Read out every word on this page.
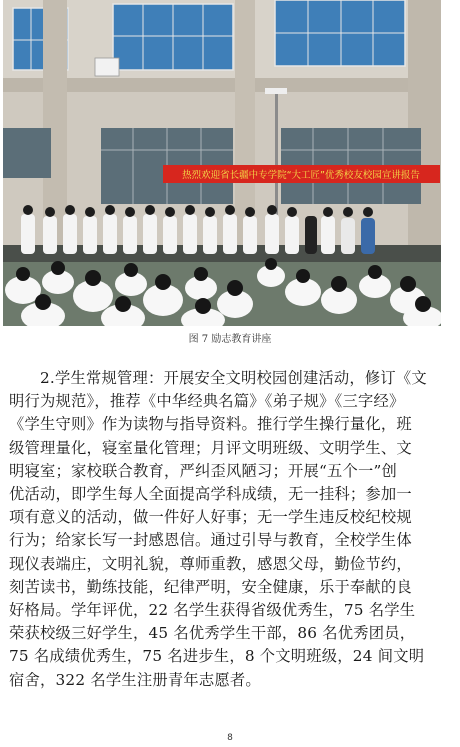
热烈欢迎省长疆中专学院“大工匠”优秀校友校园宣讲报告
图 7 励志教育讲座
　　2.学生常规管理：开展安全文明校园创建活动，修订《文
明行为规范》，推荐《中华经典名篇》《弟子规》《三字经》
《学生守则》作为读物与指导资料。推行学生操行量化，班
级管理量化，寝室量化管理；月评文明班级、文明学生、文
明寝室；家校联合教育，严纠歪风陋习；开展“五个一”创
优活动，即学生每人全面提高学科成绩，无一挂科；参加一
项有意义的活动，做一件好人好事；无一学生违反校纪校规
行为；给家长写一封感恩信。通过引导与教育，全校学生体
现仪表端庄，文明礼貌，尊师重教，感恩父母，勤俭节约，
刻苦读书，勤练技能，纪律严明，安全健康，乐于奉献的良
好格局。学年评优，22 名学生获得省级优秀生，75 名学生
荣获校级三好学生，45 名优秀学生干部，86 名优秀团员，
75 名成绩优秀生，75 名进步生，8 个文明班级，24 间文明
宿舍，322 名学生注册青年志愿者。
8
